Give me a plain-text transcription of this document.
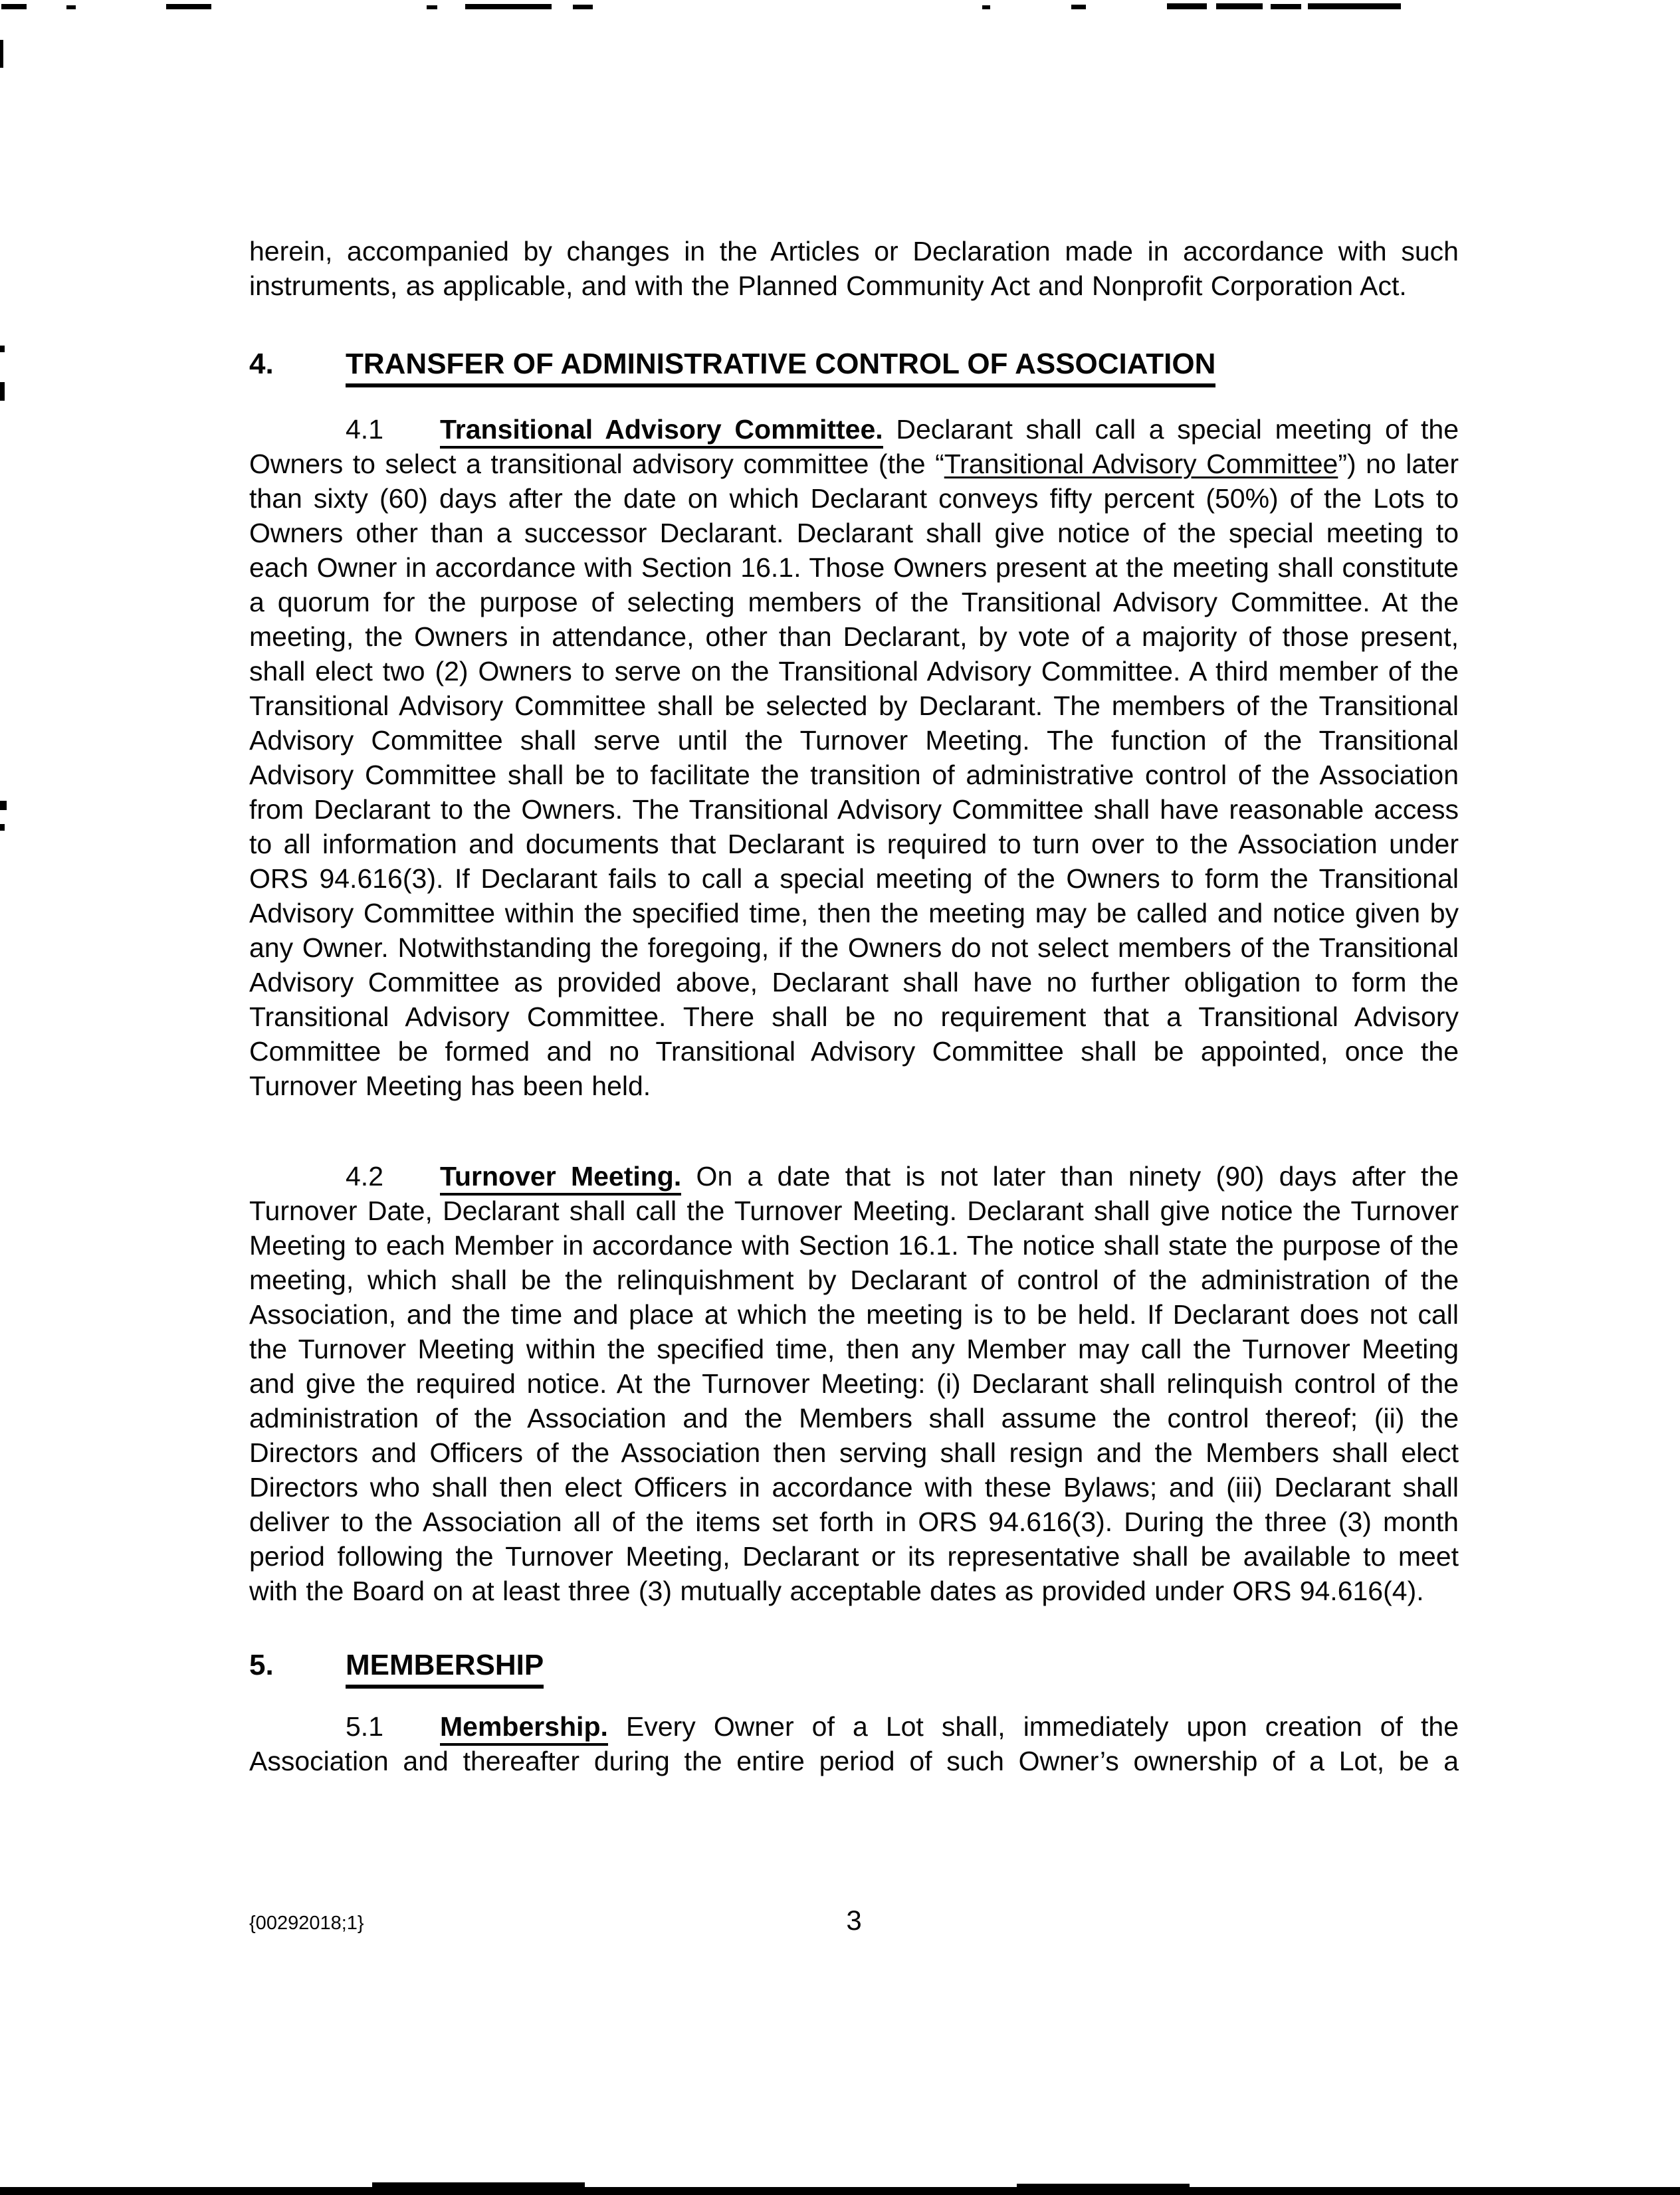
herein, accompanied by changes in the Articles or Declaration made in accordance with such instruments, as applicable, and with the Planned Community Act and Nonprofit Corporation Act.

4. TRANSFER OF ADMINISTRATIVE CONTROL OF ASSOCIATION

4.1 Transitional Advisory Committee. Declarant shall call a special meeting of the Owners to select a transitional advisory committee (the “Transitional Advisory Committee”) no later than sixty (60) days after the date on which Declarant conveys fifty percent (50%) of the Lots to Owners other than a successor Declarant. Declarant shall give notice of the special meeting to each Owner in accordance with Section 16.1. Those Owners present at the meeting shall constitute a quorum for the purpose of selecting members of the Transitional Advisory Committee. At the meeting, the Owners in attendance, other than Declarant, by vote of a majority of those present, shall elect two (2) Owners to serve on the Transitional Advisory Committee. A third member of the Transitional Advisory Committee shall be selected by Declarant. The members of the Transitional Advisory Committee shall serve until the Turnover Meeting. The function of the Transitional Advisory Committee shall be to facilitate the transition of administrative control of the Association from Declarant to the Owners. The Transitional Advisory Committee shall have reasonable access to all information and documents that Declarant is required to turn over to the Association under ORS 94.616(3). If Declarant fails to call a special meeting of the Owners to form the Transitional Advisory Committee within the specified time, then the meeting may be called and notice given by any Owner. Notwithstanding the foregoing, if the Owners do not select members of the Transitional Advisory Committee as provided above, Declarant shall have no further obligation to form the Transitional Advisory Committee. There shall be no requirement that a Transitional Advisory Committee be formed and no Transitional Advisory Committee shall be appointed, once the Turnover Meeting has been held.

4.2 Turnover Meeting. On a date that is not later than ninety (90) days after the Turnover Date, Declarant shall call the Turnover Meeting. Declarant shall give notice the Turnover Meeting to each Member in accordance with Section 16.1. The notice shall state the purpose of the meeting, which shall be the relinquishment by Declarant of control of the administration of the Association, and the time and place at which the meeting is to be held. If Declarant does not call the Turnover Meeting within the specified time, then any Member may call the Turnover Meeting and give the required notice. At the Turnover Meeting: (i) Declarant shall relinquish control of the administration of the Association and the Members shall assume the control thereof; (ii) the Directors and Officers of the Association then serving shall resign and the Members shall elect Directors who shall then elect Officers in accordance with these Bylaws; and (iii) Declarant shall deliver to the Association all of the items set forth in ORS 94.616(3). During the three (3) month period following the Turnover Meeting, Declarant or its representative shall be available to meet with the Board on at least three (3) mutually acceptable dates as provided under ORS 94.616(4).

5. MEMBERSHIP

5.1 Membership. Every Owner of a Lot shall, immediately upon creation of the Association and thereafter during the entire period of such Owner’s ownership of a Lot, be a

{00292018;1}	3
